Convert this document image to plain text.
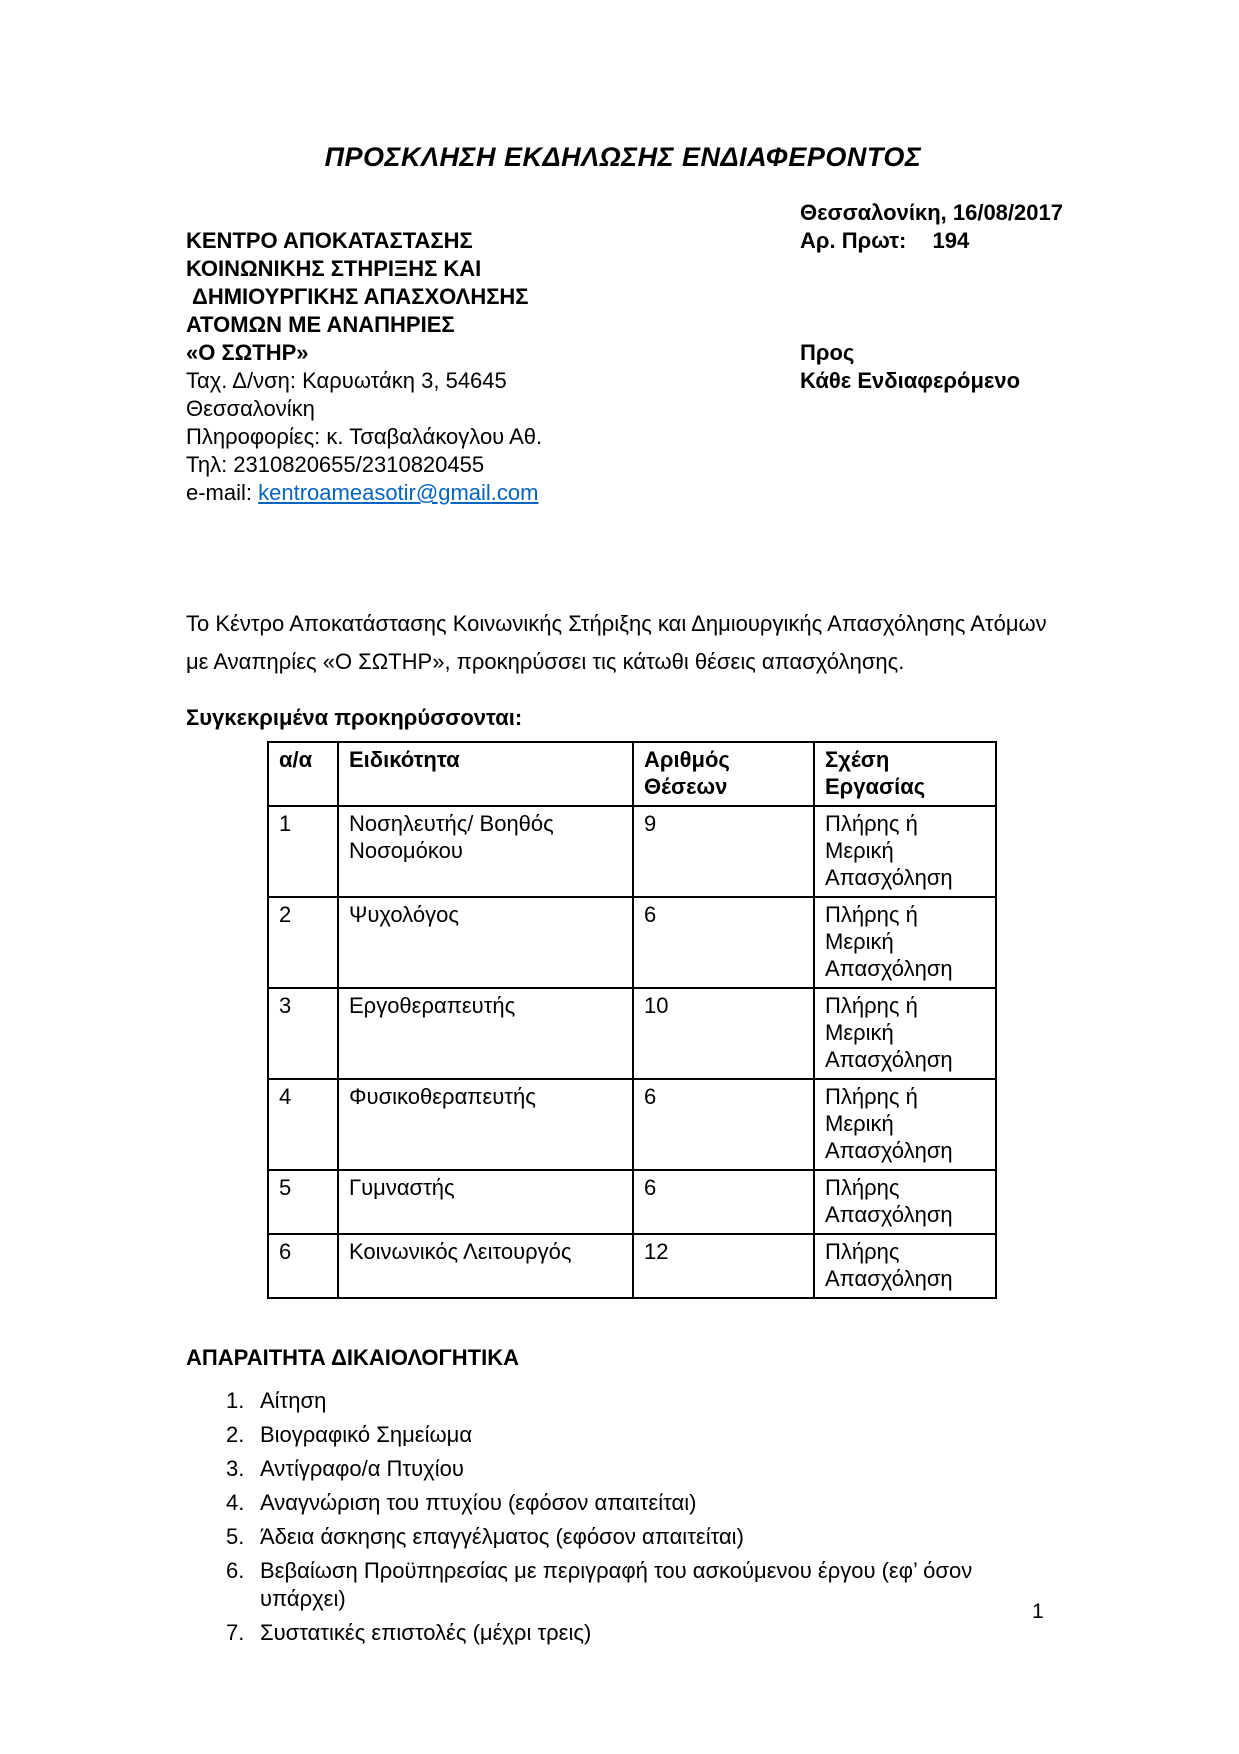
ΠΡΟΣΚΛΗΣΗ ΕΚΔΗΛΩΣΗΣ ΕΝΔΙΑΦΕΡΟΝΤΟΣ
ΚΕΝΤΡΟ ΑΠΟΚΑΤΑΣΤΑΣΗΣ
ΚΟΙΝΩΝΙΚΗΣ ΣΤΗΡΙΞΗΣ ΚΑΙ
ΔΗΜΙΟΥΡΓΙΚΗΣ ΑΠΑΣΧΟΛΗΣΗΣ
ΑΤΟΜΩΝ ΜΕ ΑΝΑΠΗΡΙΕΣ
«Ο ΣΩΤΗΡ»
Ταχ. Δ/νση: Καρυωτάκη 3, 54645
Θεσσαλονίκη
Πληροφορίες: κ. Τσαβαλάκογλου Αθ.
Τηλ: 2310820655/2310820455
e-mail: kentroameasotir@gmail.com
Θεσσαλονίκη, 16/08/2017
Αρ. Πρωτ: 194
Προς
Κάθε Ενδιαφερόμενο
Το Κέντρο Αποκατάστασης Κοινωνικής Στήριξης και Δημιουργικής Απασχόλησης Ατόμων με Αναπηρίες «Ο ΣΩΤΗΡ», προκηρύσσει τις κάτωθι θέσεις απασχόλησης.
Συγκεκριμένα προκηρύσσονται:
α/α	Ειδικότητα	Αριθμός Θέσεων	Σχέση Εργασίας
1	Νοσηλευτής/ Βοηθός Νοσομόκου	9	Πλήρης ή Μερική Απασχόληση

2	Ψυχολόγος	6	Πλήρης ή Μερική Απασχόληση

3	Εργοθεραπευτής	10	Πλήρης ή Μερική Απασχόληση

4	Φυσικοθεραπευτής	6	Πλήρης ή Μερική Απασχόληση

5	Γυμναστής	6	Πλήρης Απασχόληση

6	Κοινωνικός Λειτουργός	12	Πλήρης Απασχόληση
ΑΠΑΡΑΙΤΗΤΑ ΔΙΚΑΙΟΛΟΓΗΤΙΚΑ
1. Αίτηση
2. Βιογραφικό Σημείωμα
3. Αντίγραφο/α Πτυχίου
4. Αναγνώριση του πτυχίου (εφόσον απαιτείται)
5. Άδεια άσκησης επαγγέλματος (εφόσον απαιτείται)
6. Βεβαίωση Προϋπηρεσίας με περιγραφή του ασκούμενου έργου (εφ’ όσον υπάρχει)
7. Συστατικές επιστολές (μέχρι τρεις)
1
